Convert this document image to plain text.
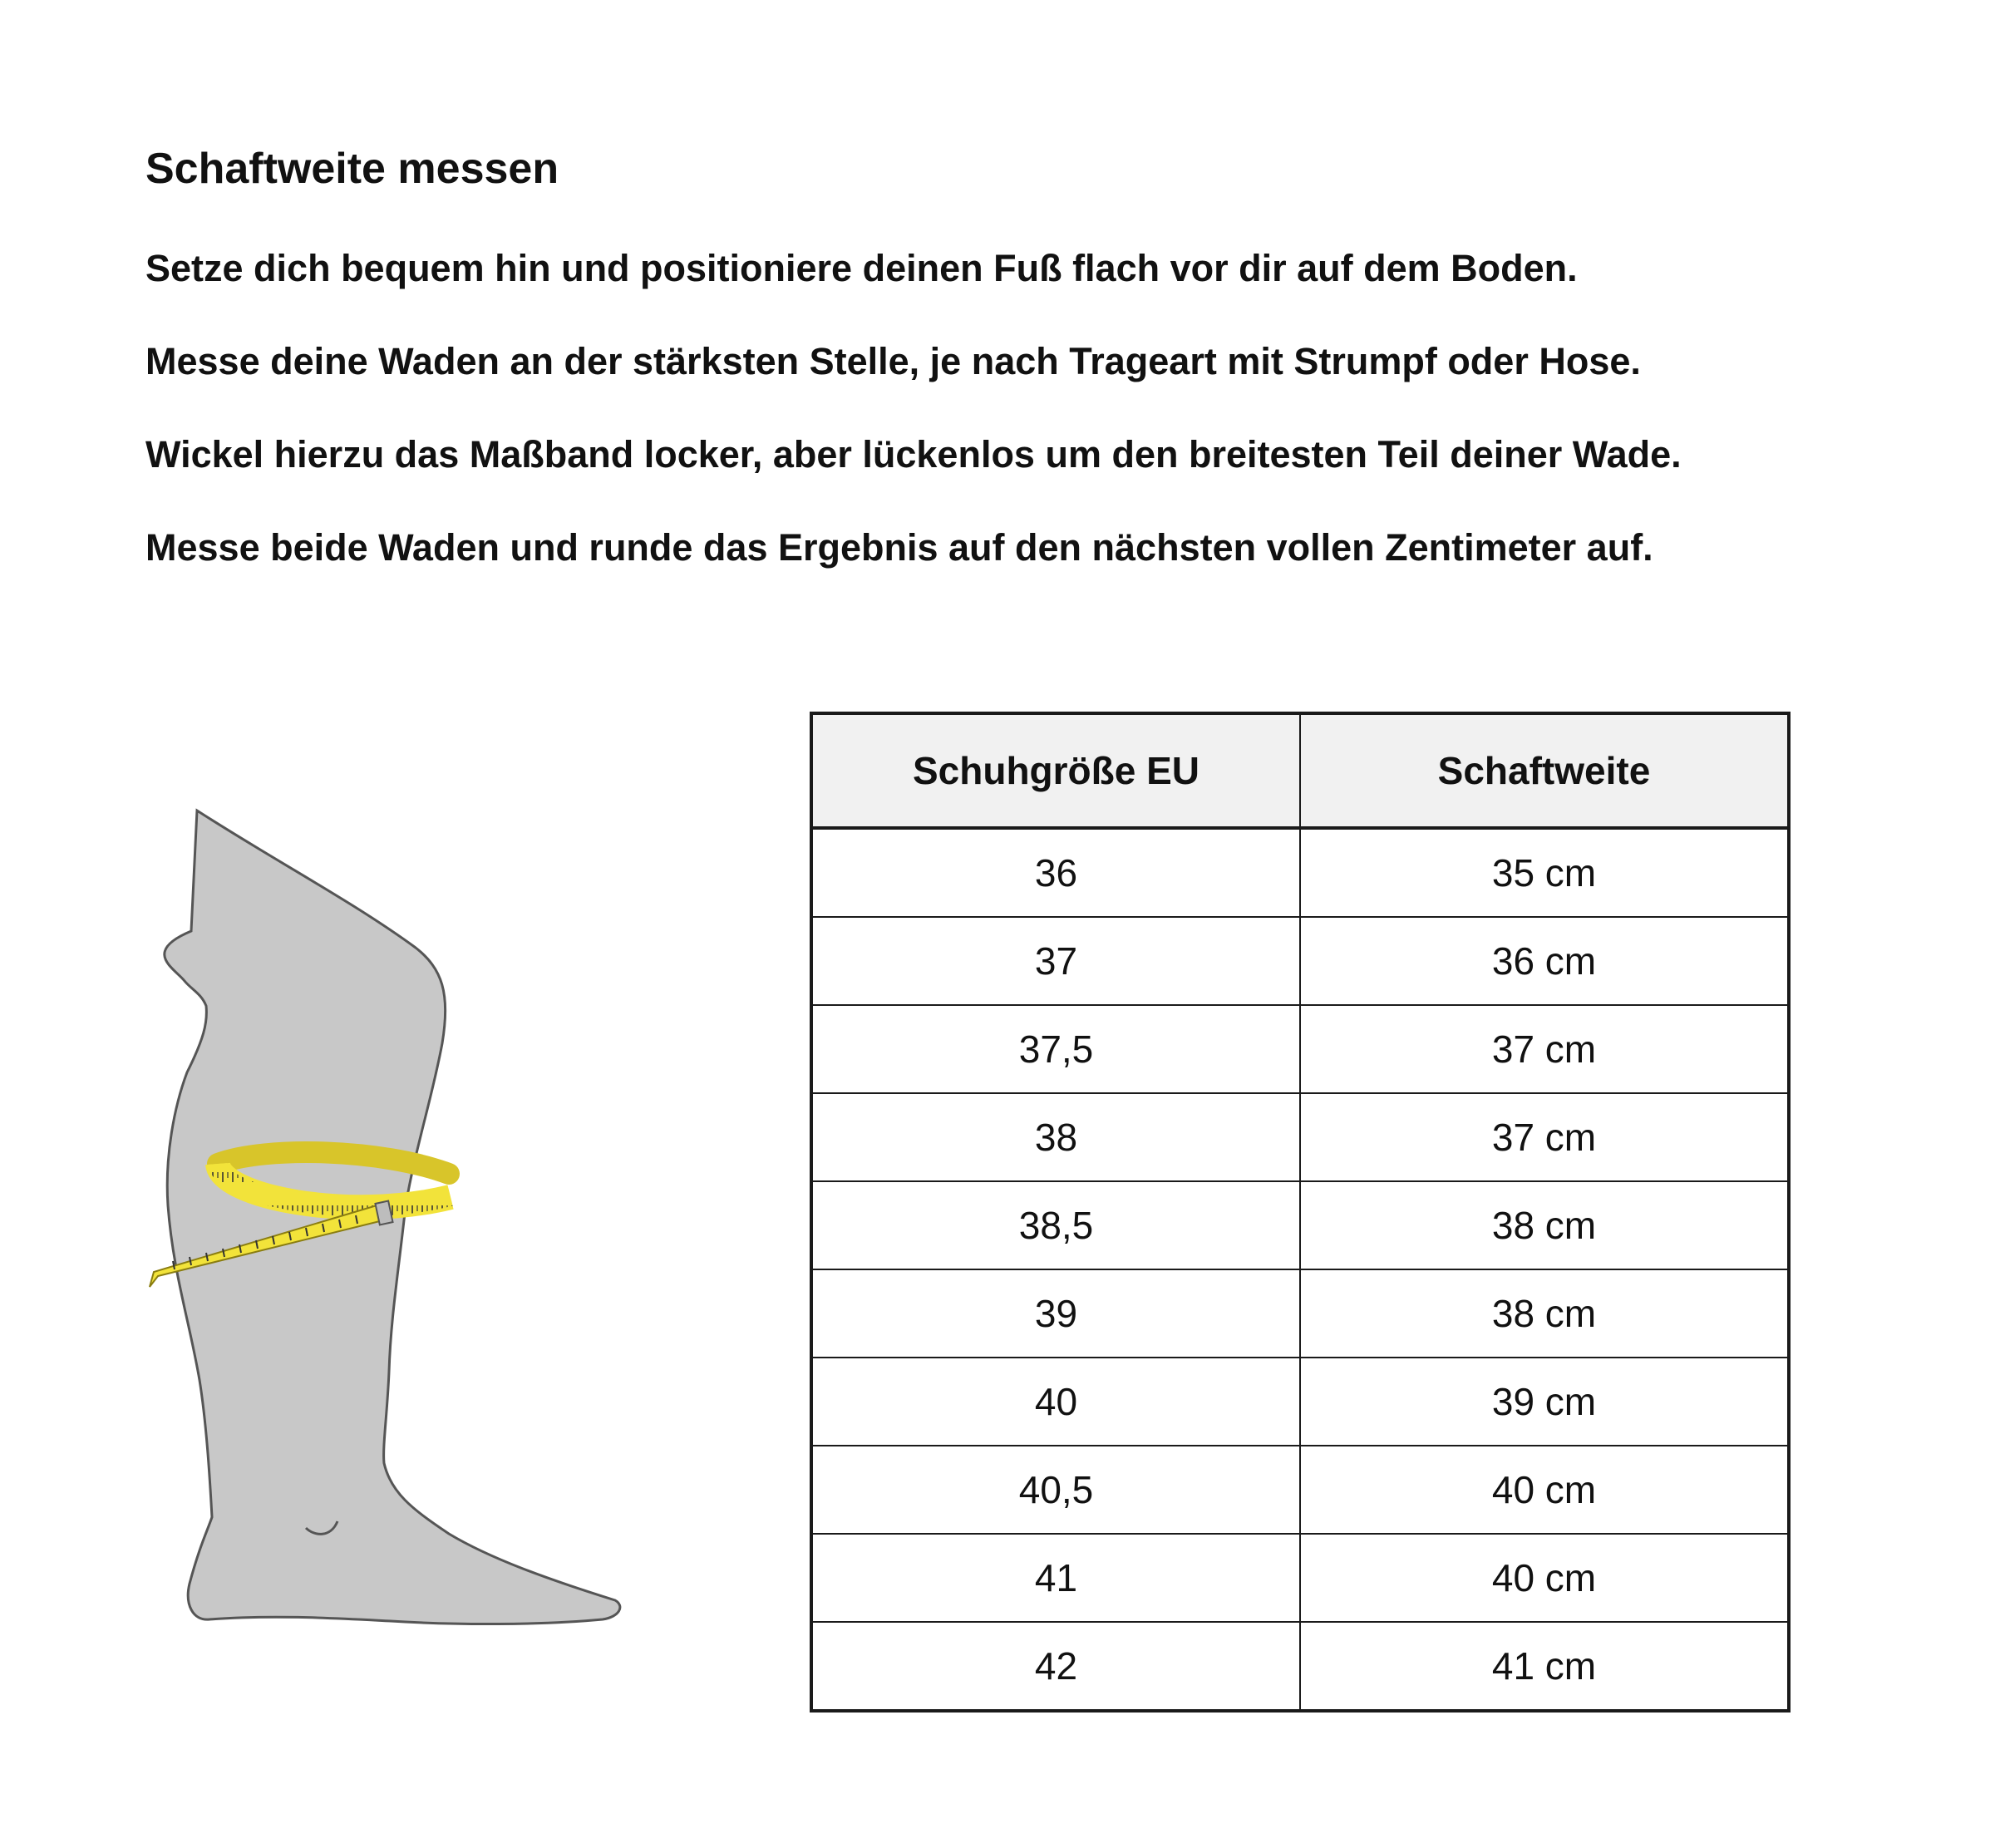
Schaftweite messen

Setze dich bequem hin und positioniere deinen Fuß flach vor dir auf dem Boden.

Messe deine Waden an der stärksten Stelle, je nach Trageart mit Strumpf oder Hose.

Wickel hierzu das Maßband locker, aber lückenlos um den breitesten Teil deiner Wade.

Messe beide Waden und runde das Ergebnis auf den nächsten vollen Zentimeter auf.

Schuhgröße EU	Schaftweite
36	35 cm
37	36 cm
37,5	37 cm
38	37 cm
38,5	38 cm
39	38 cm
40	39 cm
40,5	40 cm
41	40 cm
42	41 cm
